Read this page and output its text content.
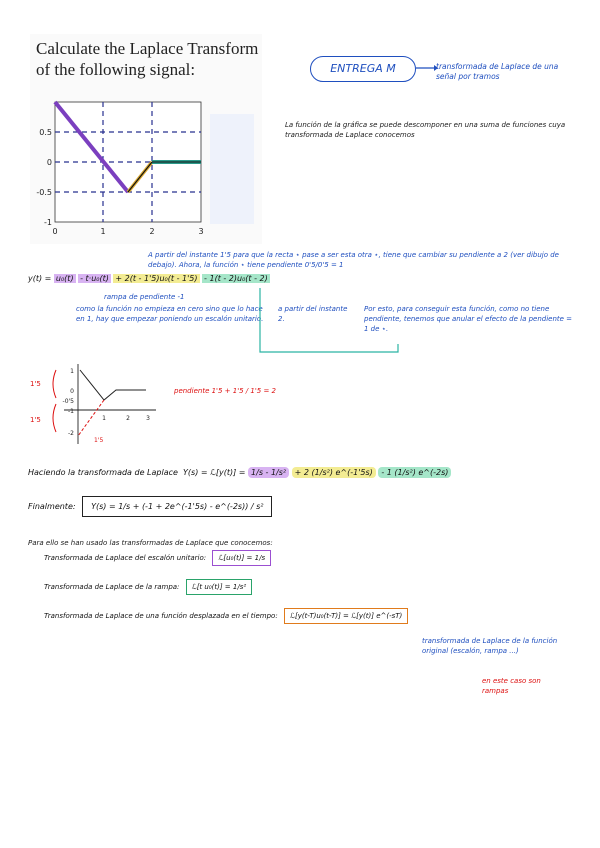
Calculate the Laplace Transform
of the following signal:
0.5
0
-0.5
-1
0	1	2	3
ENTREGA M	transformada de Laplace de una señal por tramos
La función de la gráfica se puede descomponer en una suma de funciones cuya transformada de Laplace conocemos
A partir del instante 1'5 para que la recta ⋆ pase a ser esta otra ⋆, tiene que cambiar su pendiente a 2 (ver dibujo de debajo). Ahora, la función ⋆ tiene pendiente 0'5/0'5 = 1
y(t) = u₀(t) - t·u₀(t) + 2(t - 1'5)u₀(t - 1'5) - 1(t - 2)u₀(t - 2)
rampa de pendiente -1
como la función no empieza en cero sino que lo hace en 1, hay que empezar poniendo un escalón unitario.
a partir del instante 2.
Por esto, para conseguir esta función, como no tiene pendiente, tenemos que anular el efecto de la pendiente = 1 de ⋆.
1'5
1'5
1
0
-0'5
-1
-2
1	2	3
1'5
pendiente 1'5 + 1'5 / 1'5 = 2
Haciendo la transformada de Laplace Y(s) = ℒ[y(t)] = 1/s - 1/s² + 2 (1/s²) e^(-1'5s) - 1 (1/s²) e^(-2s)
Finalmente: Y(s) = 1/s + (-1 + 2e^(-1'5s) - e^(-2s)) / s²
Para ello se han usado las transformadas de Laplace que conocemos:
Transformada de Laplace del escalón unitario: ℒ[u₀(t)] = 1/s
Transformada de Laplace de la rampa: ℒ[t u₀(t)] = 1/s²
Transformada de Laplace de una función desplazada en el tiempo: ℒ[y(t-T)u₀(t-T)] = ℒ[y(t)] e^(-sT)
transformada de Laplace de la función original (escalón, rampa ...)
en este caso son rampas
